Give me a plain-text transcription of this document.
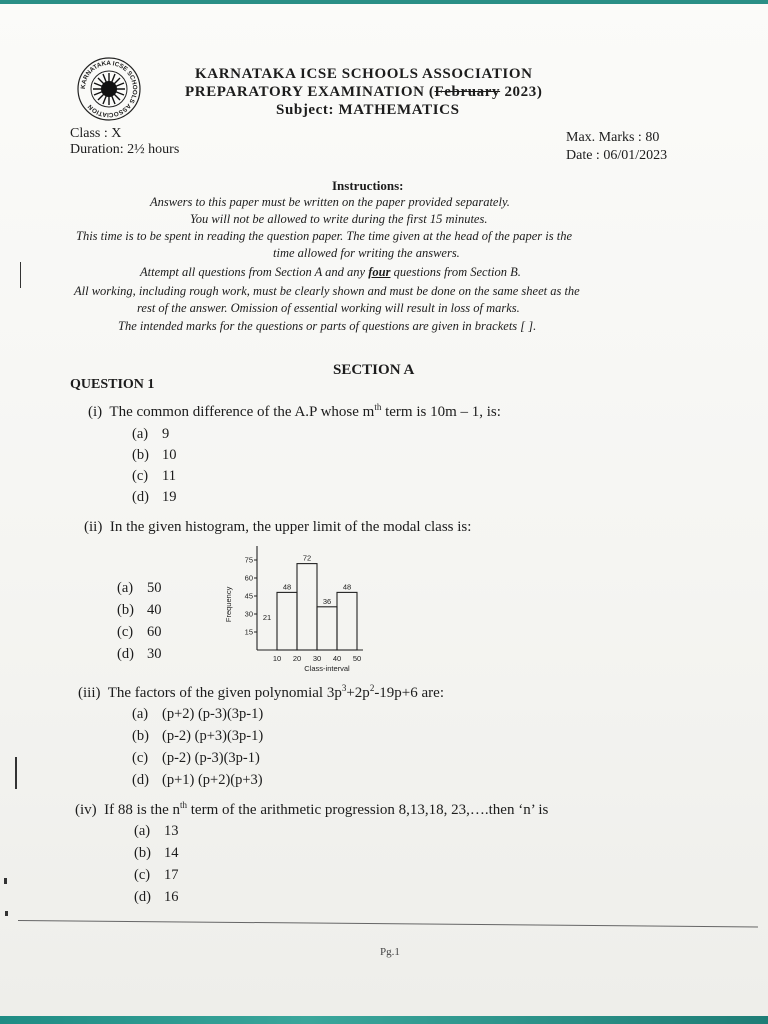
KARNATAKA ICSE SCHOOLS ASSOCIATION
KARNATAKA ICSE SCHOOLS ASSOCIATION
PREPARATORY EXAMINATION (February 2023)
Subject: MATHEMATICS
Class : X
Duration: 2½ hours
Max. Marks : 80
Date : 06/01/2023
Instructions:
Answers to this paper must be written on the paper provided separately.
You will not be allowed to write during the first 15 minutes.
This time is to be spent in reading the question paper. The time given at the head of the paper is the
time allowed for writing the answers.
Attempt all questions from Section A and any four questions from Section B.
All working, including rough work, must be clearly shown and must be done on the same sheet as the
rest of the answer. Omission of essential working will result in loss of marks.
The intended marks for the questions or parts of questions are given in brackets [ ].
SECTION A
QUESTION 1
(i) The common difference of the A.P whose $m^{th}$ term is 10m – 1, is:
(a) 9
(b) 10
(c) 11
(d) 19
(ii) In the given histogram, the upper limit of the modal class is:
(a) 50
(b) 40
(c) 60
(d) 30
15
30
45
60
75
48
72
36
48
21
10 20 30 40 50
Class-interval
Frequency
(iii) The factors of the given polynomial $3p^3+2p^2-19p+6$ are:
(a) (p+2) (p-3)(3p-1)
(b) (p-2) (p+3)(3p-1)
(c) (p-2) (p-3)(3p-1)
(d) (p+1) (p+2)(p+3)
(iv) If 88 is the $n^{th}$ term of the arithmetic progression 8,13,18, 23,….then ‘n’ is
(a) 13
(b) 14
(c) 17
(d) 16
Pg.1
